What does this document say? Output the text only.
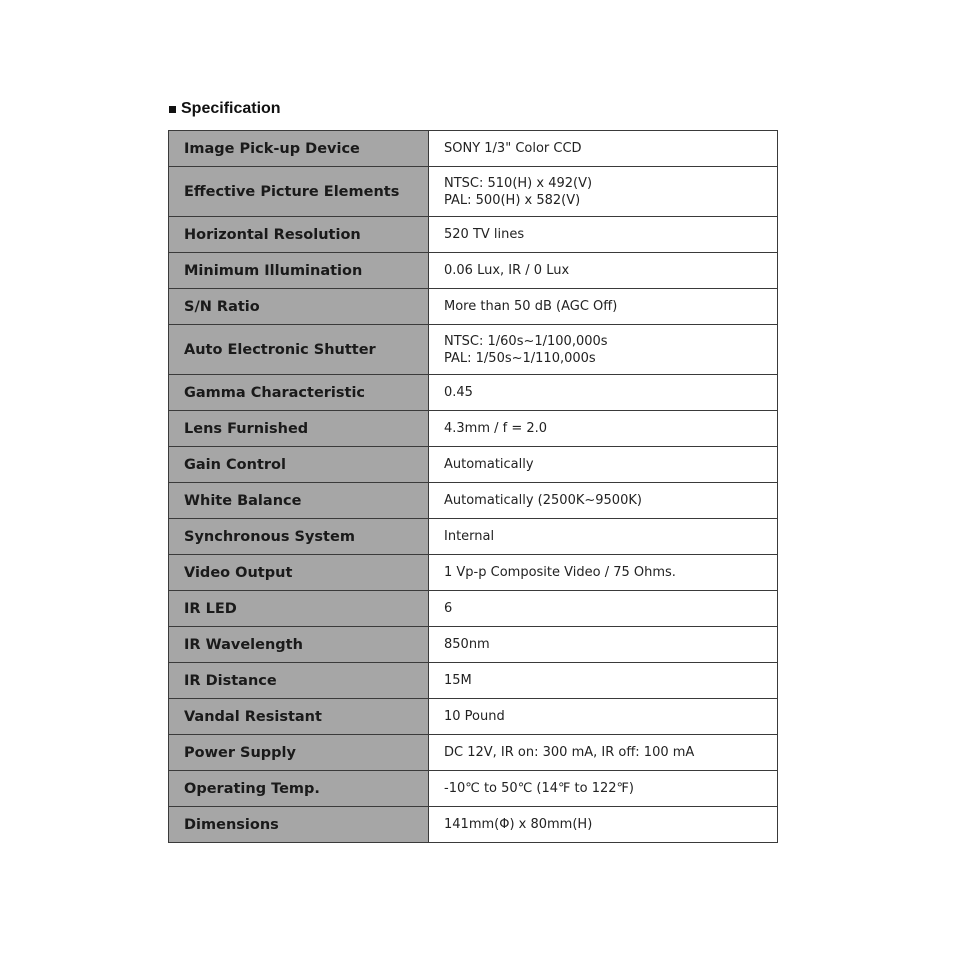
Specification
Image Pick-up Device	SONY 1/3" Color CCD

Effective Picture Elements	NTSC: 510(H) x 492(V)
PAL: 500(H) x 582(V)

Horizontal Resolution	520 TV lines

Minimum Illumination	0.06 Lux, IR / 0 Lux

S/N Ratio	More than 50 dB (AGC Off)

Auto Electronic Shutter	NTSC: 1/60s~1/100,000s
PAL: 1/50s~1/110,000s

Gamma Characteristic	0.45

Lens Furnished	4.3mm / f = 2.0

Gain Control	Automatically

White Balance	Automatically (2500K~9500K)

Synchronous System	Internal

Video Output	1 Vp-p Composite Video / 75 Ohms.

IR LED	6

IR Wavelength	850nm

IR Distance	15M

Vandal Resistant	10 Pound

Power Supply	DC 12V, IR on: 300 mA, IR off: 100 mA

Operating Temp.	-10℃ to 50℃ (14℉ to 122℉)

Dimensions	141mm(Φ) x 80mm(H)
